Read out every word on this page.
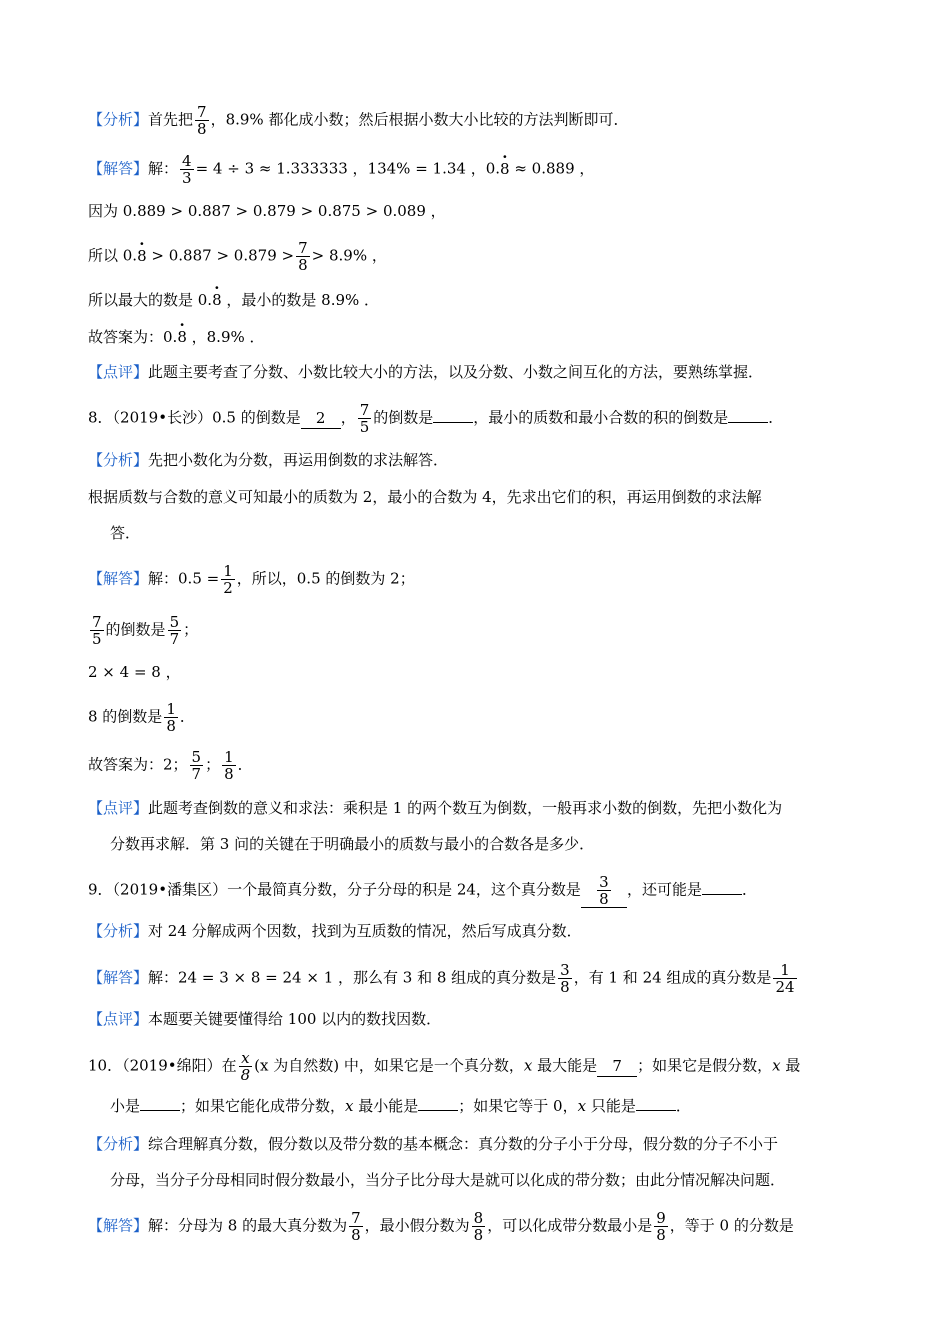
【分析】首先把 $\frac{7}{8}$ ，8.9% 都化成小数；然后根据小数大小比较的方法判断即可．
【解答】解： $\frac{4}{3} = 4 \div 3 \approx 1.333333$ ，134% = 1.34 ，0.· 8 ≈ 0.889 ，
因为 0.889 > 0.887 > 0.879 > 0.875 > 0.089 ，
所以 $0.\cdot 8 > 0.887 > 0.879 > \frac{7}{8} > 8.9\%$ ，
所以最大的数是 0.· 8 ，最小的数是 8.9% ．
故答案为：0.· 8 ，8.9% ．
【点评】此题主要考查了分数、小数比较大小的方法，以及分数、小数之间互化的方法，要熟练掌握．
8．（2019•长沙）0.5 的倒数是 2 ， $\frac{7}{5}$ 的倒数是	，最小的质数和最小合数的积的倒数是	．
【分析】先把小数化为分数，再运用倒数的求法解答．
根据质数与合数的意义可知最小的质数为 2，最小的合数为 4，先求出它们的积，再运用倒数的求法解
答．
【解答】解：$0.5 = \frac{1}{2}$ ，所以，0.5 的倒数为 2；
$\frac{7}{5}$ 的倒数是 $\frac{5}{7}$ ；
2 × 4 = 8 ，
8 的倒数是 $\frac{1}{8}$ ．
故答案为：2； $\frac{5}{7}$ ； $\frac{1}{8}$ ．
【点评】此题考查倒数的意义和求法：乘积是 1 的两个数互为倒数，一般再求小数的倒数，先把小数化为
分数再求解．第 3 问的关键在于明确最小的质数与最小的合数各是多少．
9．（2019•潘集区）一个最简真分数，分子分母的积是 24，这个真分数是 $\frac{3}{8}$ ，还可能是	．
【分析】对 24 分解成两个因数，找到为互质数的情况，然后写成真分数．
【解答】解：24 = 3 × 8 = 24 × 1 ，那么有 3 和 8 组成的真分数是 $\frac{3}{8}$ ，有 1 和 24 组成的真分数是 $\frac{1}{24}$
【点评】本题要关键要懂得给 100 以内的数找因数．
10．（2019•绵阳）在 $\frac{x}{8} (x$ 为自然数) 中，如果它是一个真分数，x 最大能是 7 ；如果它是假分数，x 最
小是	；如果它能化成带分数，x 最小能是	；如果它等于 0，x 只能是	．
【分析】综合理解真分数，假分数以及带分数的基本概念：真分数的分子小于分母，假分数的分子不小于
分母，当分子分母相同时假分数最小，当分子比分母大是就可以化成的带分数；由此分情况解决问题．
【解答】解：分母为 8 的最大真分数为 $\frac{7}{8}$ ，最小假分数为 $\frac{8}{8}$ ，可以化成带分数最小是 $\frac{9}{8}$ ，等于 0 的分数是
